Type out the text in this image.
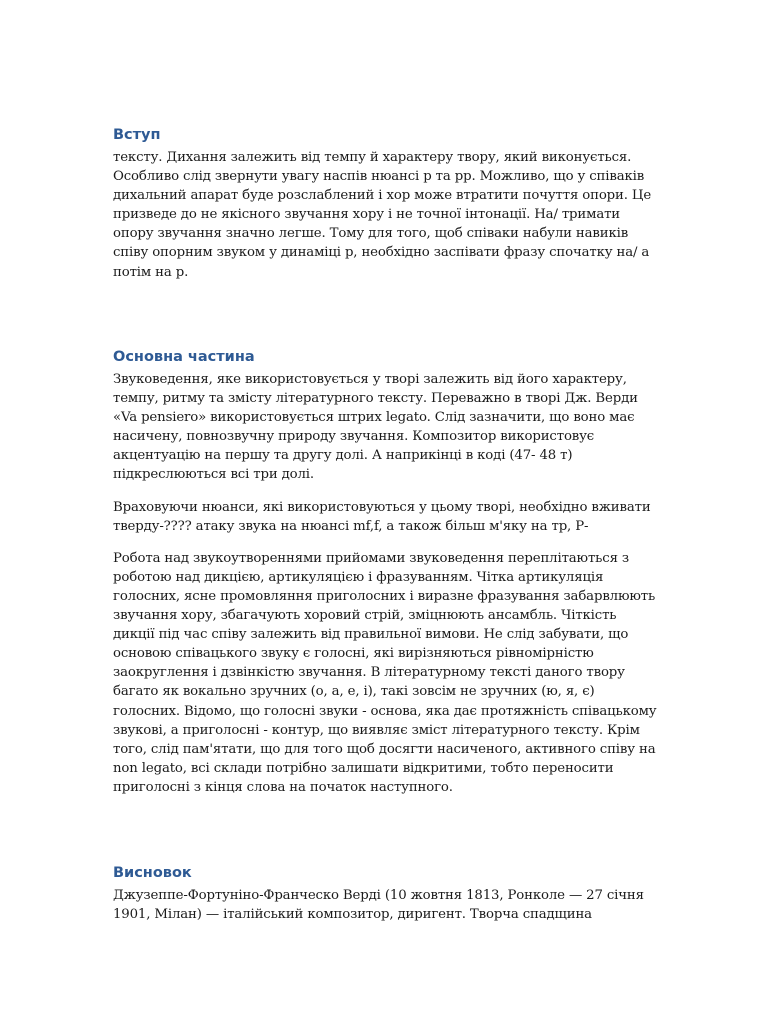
Вступ

тексту. Дихання залежить від темпу й характеру твору, який виконується. Особливо слід звернути увагу наспів нюансі р та рр. Можливо, що у співаків дихальний апарат буде розслаблений і хор може втратити почуття опори. Це призведе до не якісного звучання хору і не точної інтонації. На/ тримати опору звучання значно легше. Тому для того, щоб співаки набули навиків співу опорним звуком у динаміці р, необхідно заспівати фразу спочатку на/ а потім на р.

Основна частина

Звуковедення, яке використовується у творі залежить від його характеру, темпу, ритму та змісту літературного тексту. Переважно в творі Дж. Верди «Va pensiero» використовується штрих legato. Слід зазначити, що воно має насичену, повнозвучну природу звучання. Композитор використовує акцентуацію на першу та другу долі. А наприкінці в коді (47- 48 т) підкреслюються всі три долі.

Враховуючи нюанси, які використовуються у цьому творі, необхідно вживати тверду-???? атаку звука на нюансі mf,f, а також більш м'яку на тр, Р-

Робота над звукоутвореннями прийомами звуковедення переплітаються з роботою над дикцією, артикуляцією і фразуванням. Чітка артикуляція голосних, ясне промовляння приголосних і виразне фразування забарвлюють звучання хору, збагачують хоровий стрій, зміцнюють ансамбль. Чіткість дикції під час співу залежить від правильної вимови. Не слід забувати, що основою співацького звуку є голосні, які вирізняються рівномірністю заокруглення і дзвінкістю звучання. В літературному тексті даного твору багато як вокально зручних (о, а, е, і), такі зовсім не зручних (ю, я, є) голосних. Відомо, що голосні звуки - основа, яка дає протяжність співацькому звукові, а приголосні - контур, що виявляє зміст літературного тексту. Крім того, слід пам'ятати, що для того щоб досягти насиченого, активного співу на non legato, всі склади потрібно залишати відкритими, тобто переносити приголосні з кінця слова на початок наступного.

Висновок

Джузеппе-Фортуніно-Франческо Верді (10 жовтня 1813, Ронколе — 27 січня 1901, Мілан) — італійський композитор, диригент. Творча спадщина
